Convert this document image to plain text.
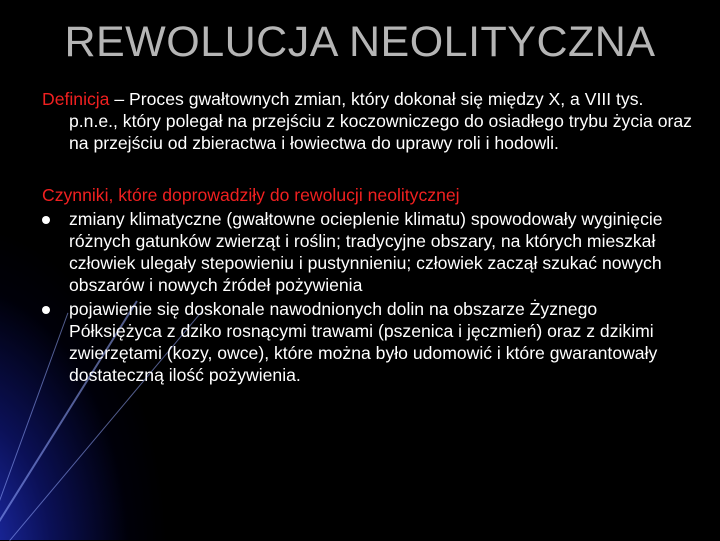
REWOLUCJA NEOLITYCZNA

Definicja – Proces gwałtownych zmian, który dokonał się między X, a VIII tys. p.n.e., który polegał na przejściu z koczowniczego do osiadłego trybu życia oraz na przejściu od zbieractwa i łowiectwa do uprawy roli i hodowli.

Czynniki, które doprowadziły do rewolucji neolitycznej

zmiany klimatyczne (gwałtowne ocieplenie klimatu) spowodowały wyginięcie różnych gatunków zwierząt i roślin; tradycyjne obszary, na których mieszkał człowiek ulegały stepowieniu i pustynnieniu; człowiek zaczął szukać nowych obszarów i nowych źródeł pożywienia
pojawienie się doskonale nawodnionych dolin na obszarze Żyznego Półksiężyca z dziko rosnącymi trawami (pszenica i jęczmień) oraz z dzikimi zwierzętami (kozy, owce), które można było udomowić i które gwarantowały dostateczną ilość pożywienia.
